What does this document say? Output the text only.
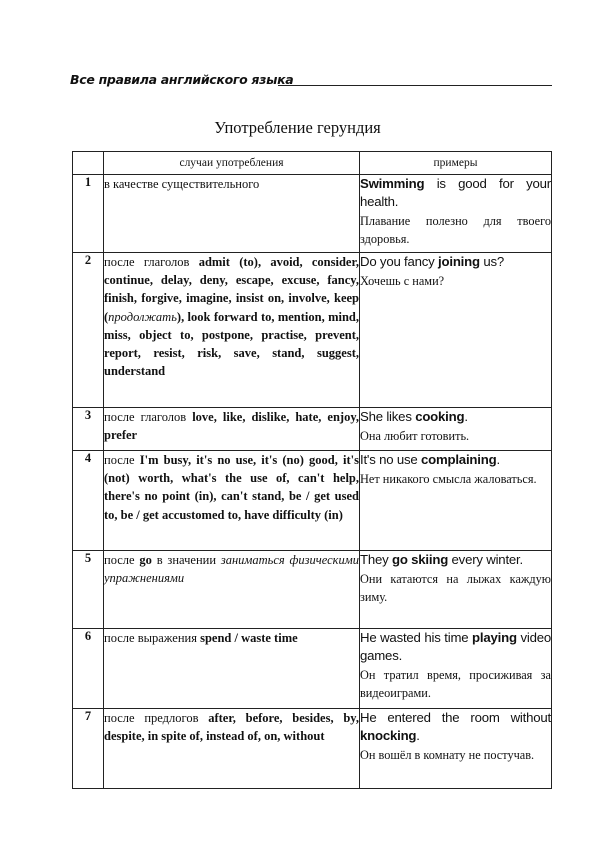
Все правила английского языка
Употребление герундия
	случаи употребления	примеры
1	в качестве существительного	Swimming is good for your health.
Плавание полезно для твоего здоровья.

2	после глаголов admit (to), avoid, consider, continue, delay, deny, escape, excuse, fancy, finish, forgive, imagine, insist on, involve, keep (продолжать), look forward to, mention, mind, miss, object to, postpone, practise, prevent, report, resist, risk, save, stand, suggest, understand	Do you fancy joining us?
Хочешь с нами?

3	после глаголов love, like, dislike, hate, enjoy, prefer	She likes cooking.
Она любит готовить.

4	после I'm busy, it's no use, it's (no) good, it's (not) worth, what's the use of, can't help, there's no point (in), can't stand, be / get used to, be / get accustomed to, have difficulty (in)	It's no use complaining.
Нет никакого смысла жаловаться.

5	после go в значении заниматься физическими упражнениями	They go skiing every winter.
Они катаются на лыжах каждую зиму.

6	после выражения spend / waste time	He wasted his time playing video games.
Он тратил время, просиживая за видеоиграми.

7	после предлогов after, before, besides, by, despite, in spite of, instead of, on, without	He entered the room without knocking.
Он вошёл в комнату не постучав.
